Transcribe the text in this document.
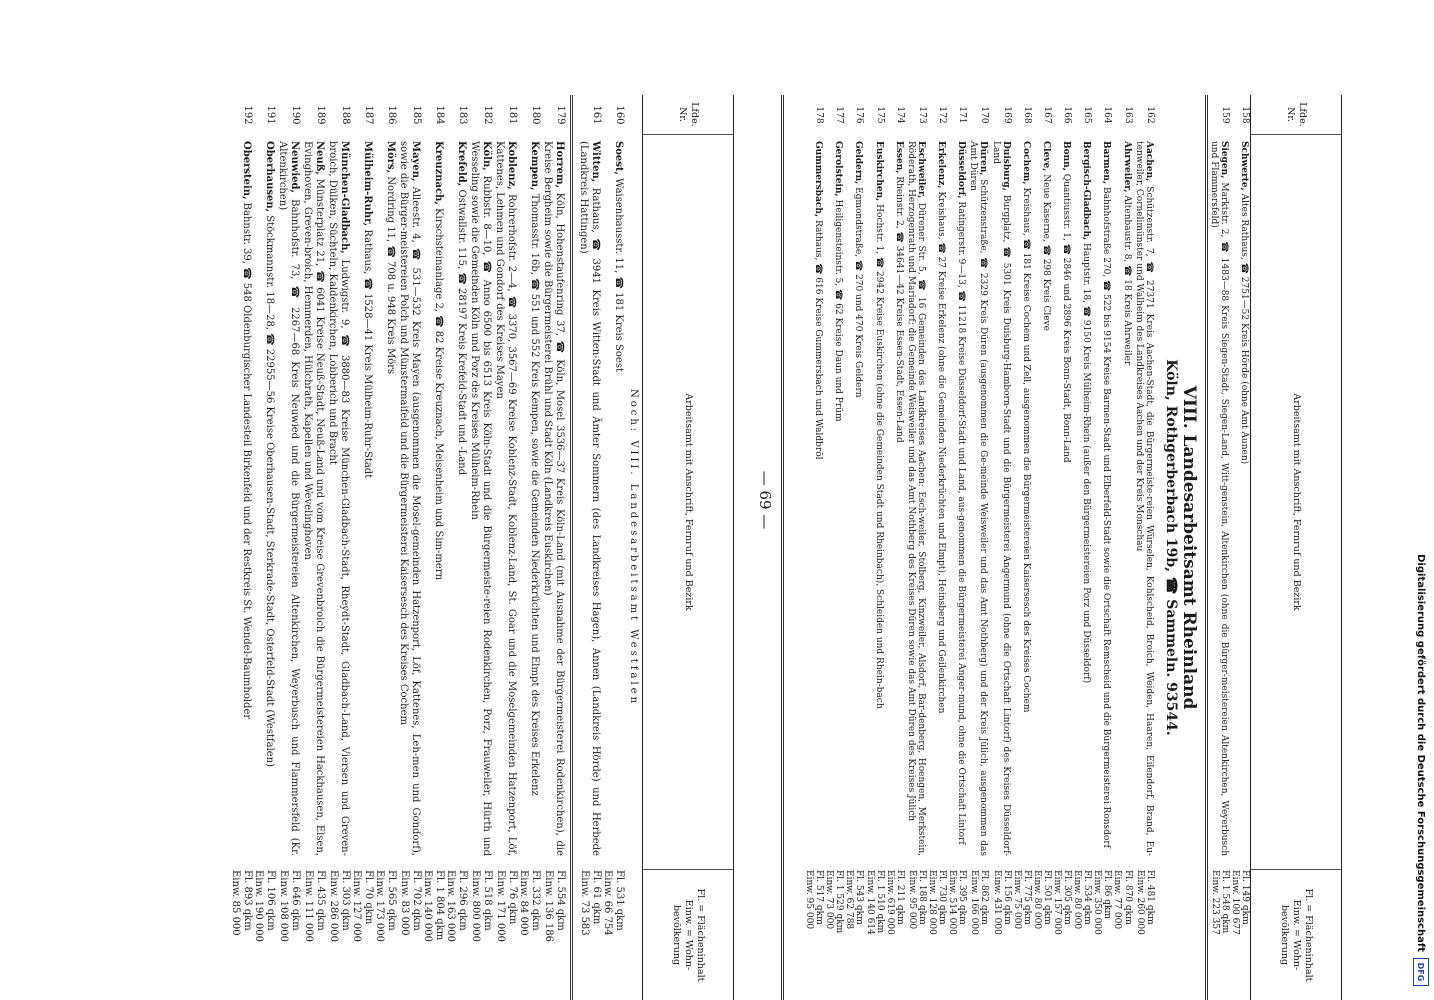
Digitalisierung gefördert durch die Deutsche Forschungsgemeinschaft
DFG
Lfde. Nr.
Arbeitsamt mit Anschrift, Fernruf und Bezirk
Fl. = Flächeninhalt Einw. = Wohn-bevölkerung
158
Schwerte, Altes Rathaus, ☎ 2751—52 Kreis Hörde (ohne Amt Aunen)
Fl. 149 qkm
Einw. 100 677
159
Siegen, Marktstr. 2, ☎ 1483—88 Kreis Siegen-Stadt, Siegen-Land, Witt-genstein, Altenkirchen (ohne die Bürger-meistereien Altenkirchen, Weyerbusch und Flammersfeld)
Fl. 1 548 qkm
Einw. 223 357
VIII. Landesarbeitsamt Rheinland
Köln, Rothgerberbach 19b, ☎ Sammeln. 93544.
162
Aachen, Schützenstr. 7, ☎ 27371 Kreis Aachen-Stadt, die Bürgermeiste-reien Würselen, Kohlscheid, Broich, Weiden, Haaren, Eilendorf, Brand, Eu-tenweiler, Cornelimünster und Walheim des Landkreises Aachen und der Kreis Monschau
Fl. 481 qkm
Einw. 260 000
163
Ahrweiler, Altenbaustr. 8, ☎ 18 Kreis Ahrweiler
Fl. 870 qkm
Einw. 77 000
164
Barmen, Bahnhofstraße 270, ☎ 522 bis 9154 Kreise Barmen-Stadt und Elberfeld-Stadt sowie die Ortschaft Remscheid und die Bürgermeisterei Ronsdorf
Fl. 86 qkm
Einw. 350 000
165
Bergisch-Gladbach, Hauptstr. 18, ☎ 9150 Kreis Mülheim-Rhein (außer den Bürgermeistereien Porz und Düsseldorf)
Fl. 534 qkm
Einw. 80 000
166
Bonn, Quantiusstr. 1, ☎ 2846 und 2896 Kreis Bonn-Stadt, Bonn-Land
Fl. 305 qkm
Einw. 157 000
167
Cleve, Neue Kaserne, ☎ 298 Kreis Cleve
Fl. 501 qkm
Einw. 80 000
168
Cochem, Kreishaus, ☎ 181 Kreise Cochem und Zell, ausgenommen die Bürgermeistereien Kaisersesch des Kreises Cochem
Fl. 775 qkm
Einw. 75 000
169
Duisburg, Burgplatz, ☎ 5301 Kreis Duisburg-Hamborn-Stadt und die Bürgermeisterei Angermund (ohne die Ortschaft Lintorf) des Kreises Düsseldorf-Land
Fl. 156 qkm
Einw. 431 000
170
Düren, Schützenstraße, ☎ 2329 Kreis Düren (ausgenommen die Ge-meinde Weisweiler und das Amt Nothberg) und der Kreis Jülich, ausgenommen das Amt Düren
Fl. 862 qkm
Einw. 166 000
171
Düsseldorf, Ratingerstr. 9—13, ☎ 11218 Kreise Düsseldorf-Stadt und Land, aus-genommen die Bürgermeisterei Anger-mund, ohne die Ortschaft Lintorf
Fl. 395 qkm
Einw. 514 000
172
Erkelenz, Kreishaus, ☎ 27 Kreise Erkelenz (ohne die Gemeinden Niederkrüchten und Elmpt), Heinsberg und Geilenkirchen
Fl. 730 qkm
Einw. 128 000
173
Eschweiler, Dürener Str. 5, ☎ 16 Gemeinden des Landkreises Aachen: Esch-weiler, Stolberg, Kinzweiler, Alsdorf, Bar-denberg, Hoengen, Merkstein, Röderath, Herzogenrath und Mariadorf; die Gemeinde Weisweiler und das Amt Nothberg des Kreises Düren sowie das Amt Düren des Kreises Jülich
Fl. 188 qkm
Einw. 95 000
174
Essen, Rheinstr. 2, ☎ 34641—42 Kreise Essen-Stadt, Essen-Land
Fl. 211 qkm
Einw. 619 000
175
Euskirchen, Hochstr. 1, ☎ 2942 Kreise Euskirchen (ohne die Gemeinden Stadt und Rheinbach), Schleiden und Rhein-bach
Fl. 1 510 qkm
Einw. 140 614
176
Geldern, Egmondstraße, ☎ 270 und 470 Kreis Geldern
Fl. 543 qkm
Einw. 62 788
177
Gerolstein, Heiligensteinstr. 5, ☎ 62 Kreise Daun und Prüm
Fl. 1 529 qkm
Einw. 73 000
178
Gummersbach, Rathaus, ☎ 616 Kreise Gummersbach und Waldbröl
Fl. 517 qkm
Einw. 95 000
— 69 —
Lfde. Nr.
Arbeitsamt mit Anschrift, Fernruf und Bezirk
Fl. = Flächeninhalt Einw. = Wohn-bevölkerung
Noch: VIII. Landesarbeitsamt Westfalen
160
Soest, Waisenhausstr. 11, ☎ 181 Kreis Soest
Fl. 531 qkm
Einw. 66 754
161
Witten, Rathaus, ☎ 3941 Kreis Witten-Stadt und Ämter Sommern (des Landkreises Hagen), Annen (Landkreis Hörde) und Herbede (Landkreis Hattingen)
Fl. 61 qkm
Einw. 73 583
179
Horrem, Köln, Hohenstaufenring 37, ☎ Köln, Mosel 3536—37 Kreis Köln-Land (mit Ausnahme der Bürgermeisterei Rodenkirchen), die Kreise Bergheim sowie die Bürgermeisterei Brühl und Stadt Köln (Landkreis Euskirchen)
Fl. 554 qkm
Einw. 136 186
180
Kempen, Thomasstr. 16b, ☎ 551 und 552 Kreis Kempen, sowie die Gemeinden Niederkrüchten und Elmpt des Kreises Erkelenz
Fl. 332 qkm
Einw. 84 000
181
Koblenz, Rohrerhofstr. 2—4, ☎ 3370, 3567—69 Kreise Koblenz-Stadt, Koblenz-Land, St. Goar und die Moselgemeinden Hatzenport, Löf, Kattenes, Lehmen und Gondorf des Kreises Mayen
Fl. 76 qkm
Einw. 171 000
182
Köln, Rubbstr. 8—10, ☎ Anno 6500 bis 6513 Kreis Köln-Stadt und die Bürgermeiste-reien Rodenkirchen, Porz, Frauweiler, Hürth und Wesseling sowie die Gemeinden Köln und Porz des Kreises Mülheim-Rhein
Fl. 518 qkm
Einw. 800 000
183
Krefeld, Ostwallstr. 115, ☎ 28197 Kreis Krefeld-Stadt und -Land
Fl. 296 qkm
Einw. 163 000
184
Kreuznach, Kirschsteinanlage 2, ☎ 82 Kreise Kreuznach, Meisenheim und Sim-mern
Fl. 1 804 qkm
Einw. 140 000
185
Mayen, Alleestr. 4, ☎ 531—532 Kreis Mayen (ausgenommen die Mosel-gemeinden Hatzenport, Löf, Kattenes, Leh-men und Gondorf), sowie die Bürger-meistereien Polch und Münstermaifeld und die Bürgermeisterei Kaisersesch des Kreises Cochem
Fl. 702 qkm
Einw. 83 000
186
Mörs, Nordring 11, ☎ 708 u. 948 Kreis Mörs
Fl. 565 qkm
Einw. 173 000
187
Mülheim-Ruhr, Rathaus, ☎ 1528—41 Kreis Mülheim-Ruhr-Stadt
Fl. 70 qkm
Einw. 127 000
188
München-Gladbach, Ludwigstr. 9, ☎ 3880—83 Kreise München-Gladbach-Stadt, Rheydt-Stadt, Gladbach-Land, Viersen und Greven-broich, Dülken, Süchteln, Kaldenkirchen, Lobberich und Bracht
Fl. 303 qkm
Einw. 286 000
189
Neuß, Münsterplatz 21, ☎ 6041 Kreise Neuß-Stadt, Neuß-Land und vom Kreise Grevenbroich die Bürgermeistereien Hackhausen, Elsen, Evinghoven, Greven-broich, Hemmerden, Hülchrath, Kapellen und Wevelinghoven
Fl. 435 qkm
Einw. 111 000
190
Neuwied, Bahnhofstr. 73, ☎ 2267—68 Kreis Neuwied und die Bürgermeistereien Altenkirchen, Weyerbusch und Flammersfeld (Kr. Altenkirchen)
Fl. 646 qkm
Einw. 108 000
191
Oberhausen, Stöckmannstr. 18—28, ☎ 22955—56 Kreise Oberhausen-Stadt, Sterkrade-Stadt, Osterfeld-Stadt (Westfalen)
Fl. 106 qkm
Einw. 190 000
192
Oberstein, Bahnstr. 39, ☎ 548 Oldenburgischer Landesteil Birkenfeld und der Restkreis St. Wendel-Baumholder
Fl. 893 qkm
Einw. 85 000
